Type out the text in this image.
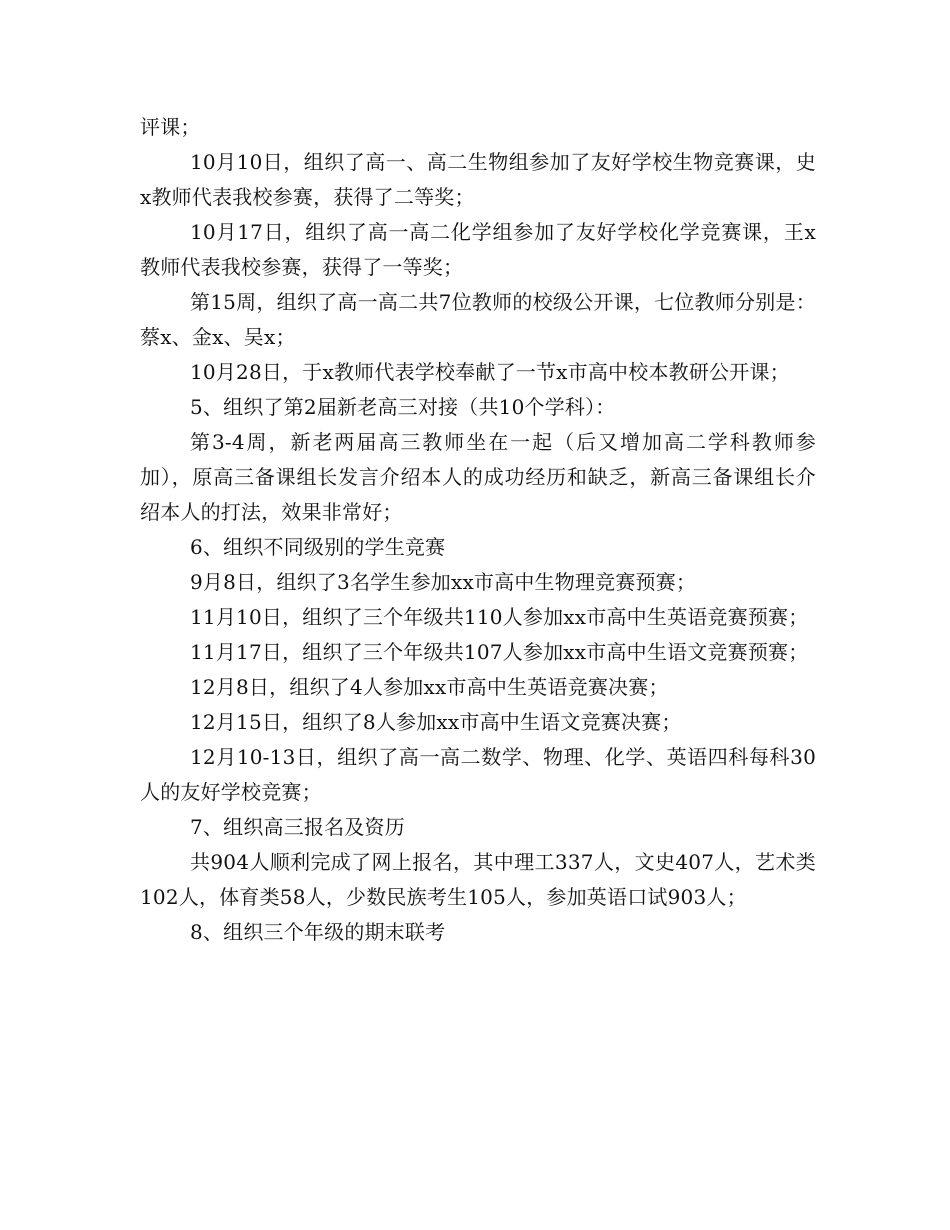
评课；

10月10日，组织了高一、高二生物组参加了友好学校生物竞赛课，史x教师代表我校参赛，获得了二等奖；

10月17日，组织了高一高二化学组参加了友好学校化学竞赛课，王x教师代表我校参赛，获得了一等奖；

第15周，组织了高一高二共7位教师的校级公开课，七位教师分别是：蔡x、金x、吴x；

10月28日，于x教师代表学校奉献了一节x市高中校本教研公开课；

5、组织了第2届新老高三对接（共10个学科）：

第3-4周，新老两届高三教师坐在一起（后又增加高二学科教师参加），原高三备课组长发言介绍本人的成功经历和缺乏，新高三备课组长介绍本人的打法，效果非常好；

6、组织不同级别的学生竞赛

9月8日，组织了3名学生参加xx市高中生物理竞赛预赛；

11月10日，组织了三个年级共110人参加xx市高中生英语竞赛预赛；

11月17日，组织了三个年级共107人参加xx市高中生语文竞赛预赛；

12月8日，组织了4人参加xx市高中生英语竞赛决赛；

12月15日，组织了8人参加xx市高中生语文竞赛决赛；

12月10-13日，组织了高一高二数学、物理、化学、英语四科每科30人的友好学校竞赛；

7、组织高三报名及资历

共904人顺利完成了网上报名，其中理工337人，文史407人，艺术类102人，体育类58人，少数民族考生105人，参加英语口试903人；

8、组织三个年级的期末联考
